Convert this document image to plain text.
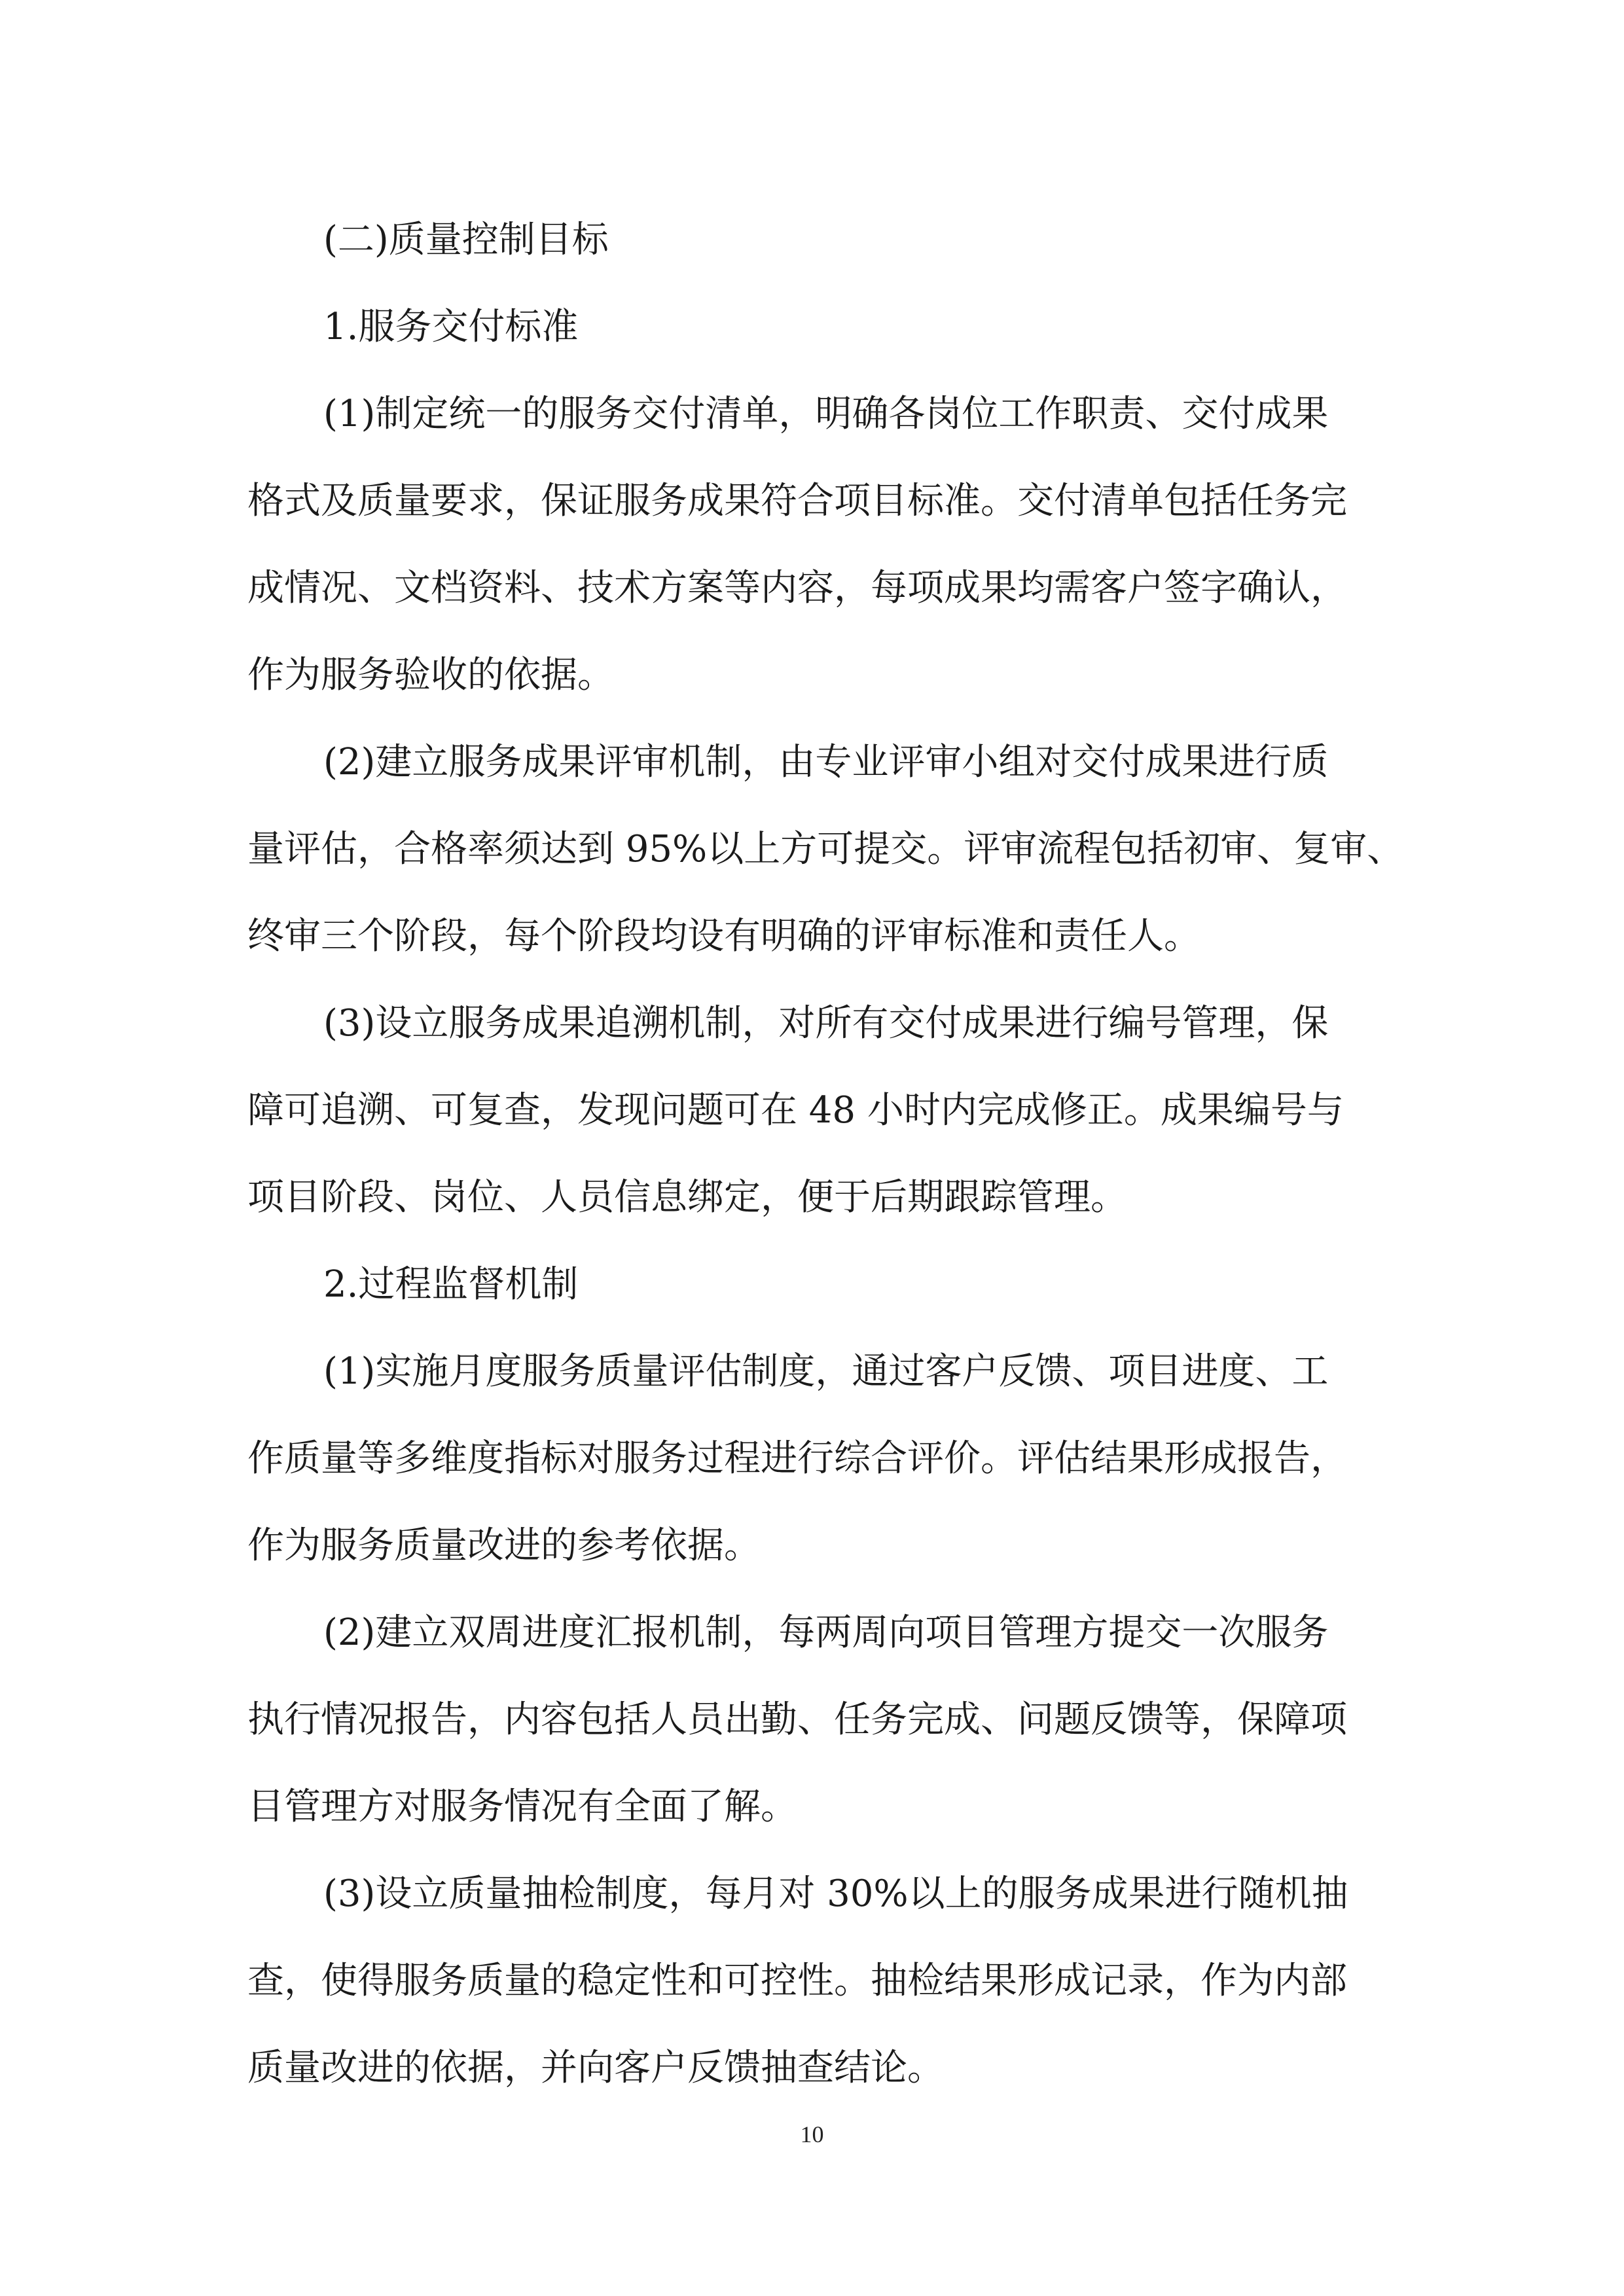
(二)质量控制目标

1.服务交付标准

(1)制定统一的服务交付清单，明确各岗位工作职责、交付成果

格式及质量要求，保证服务成果符合项目标准。交付清单包括任务完

成情况、文档资料、技术方案等内容，每项成果均需客户签字确认，

作为服务验收的依据。

(2)建立服务成果评审机制，由专业评审小组对交付成果进行质

量评估，合格率须达到 95%以上方可提交。评审流程包括初审、复审、

终审三个阶段，每个阶段均设有明确的评审标准和责任人。

(3)设立服务成果追溯机制，对所有交付成果进行编号管理，保

障可追溯、可复查，发现问题可在 48 小时内完成修正。成果编号与

项目阶段、岗位、人员信息绑定，便于后期跟踪管理。

2.过程监督机制

(1)实施月度服务质量评估制度，通过客户反馈、项目进度、工

作质量等多维度指标对服务过程进行综合评价。评估结果形成报告，

作为服务质量改进的参考依据。

(2)建立双周进度汇报机制，每两周向项目管理方提交一次服务

执行情况报告，内容包括人员出勤、任务完成、问题反馈等，保障项

目管理方对服务情况有全面了解。

(3)设立质量抽检制度，每月对 30%以上的服务成果进行随机抽

查，使得服务质量的稳定性和可控性。抽检结果形成记录，作为内部

质量改进的依据，并向客户反馈抽查结论。

10
